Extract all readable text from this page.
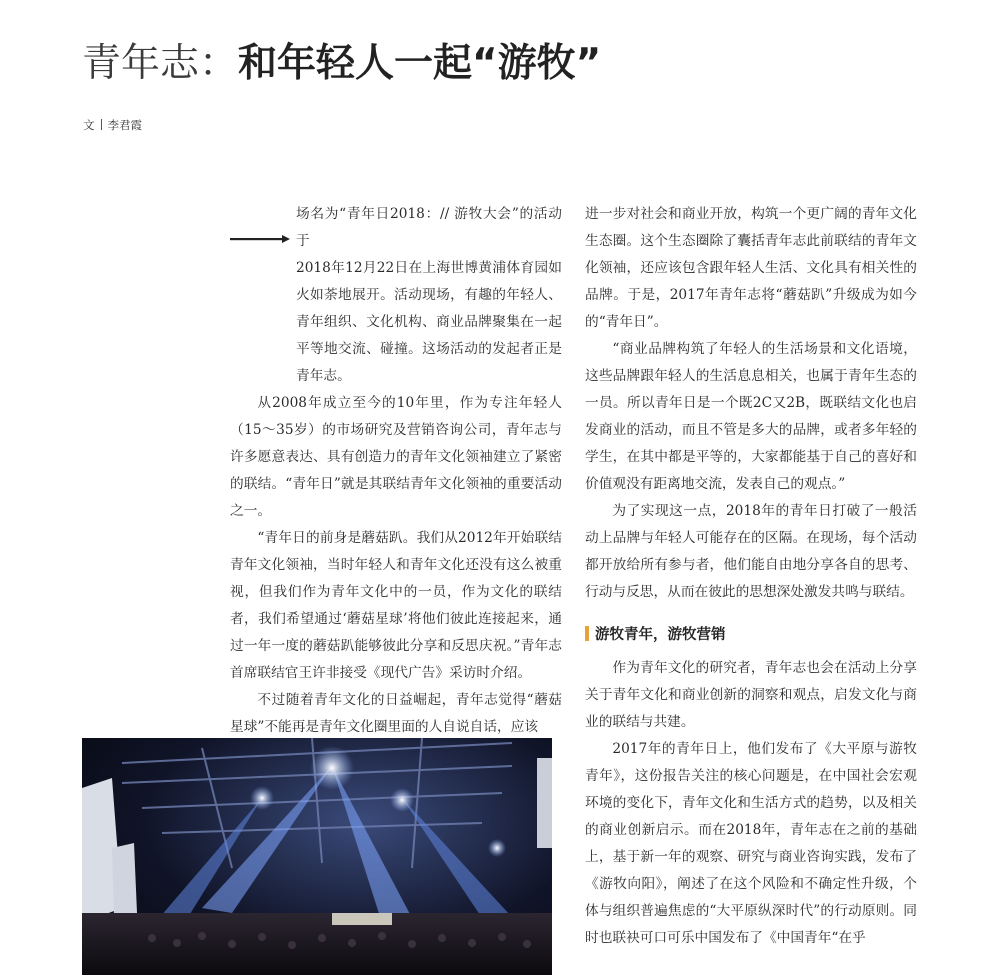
青年志：和年轻人一起“游牧”
文 李君霞

场名为“青年日2018：// 游牧大会”的活动于
2018年12月22日在上海世博黄浦体育园如火如荼地展开。活动现场，有趣的年轻人、青年组织、文化机构、商业品牌聚集在一起平等地交流、碰撞。这场活动的发起者正是青年志。

从2008年成立至今的10年里，作为专注年轻人（15～35岁）的市场研究及营销咨询公司，青年志与许多愿意表达、具有创造力的青年文化领袖建立了紧密的联结。“青年日”就是其联结青年文化领袖的重要活动之一。

“青年日的前身是蘑菇趴。我们从2012年开始联结青年文化领袖，当时年轻人和青年文化还没有这么被重视，但我们作为青年文化中的一员，作为文化的联结者，我们希望通过‘蘑菇星球’将他们彼此连接起来，通过一年一度的蘑菇趴能够彼此分享和反思庆祝。”青年志首席联结官王许非接受《现代广告》采访时介绍。

不过随着青年文化的日益崛起，青年志觉得“蘑菇星球”不能再是青年文化圈里面的人自说自话，应该

进一步对社会和商业开放，构筑一个更广阔的青年文化生态圈。这个生态圈除了囊括青年志此前联结的青年文化领袖，还应该包含跟年轻人生活、文化具有相关性的品牌。于是，2017年青年志将“蘑菇趴”升级成为如今的“青年日”。

“商业品牌构筑了年轻人的生活场景和文化语境，这些品牌跟年轻人的生活息息相关，也属于青年生态的一员。所以青年日是一个既2C又2B，既联结文化也启发商业的活动，而且不管是多大的品牌，或者多年轻的学生，在其中都是平等的，大家都能基于自己的喜好和价值观没有距离地交流，发表自己的观点。”

为了实现这一点，2018年的青年日打破了一般活动上品牌与年轻人可能存在的区隔。在现场，每个活动都开放给所有参与者，他们能自由地分享各自的思考、行动与反思，从而在彼此的思想深处激发共鸣与联结。

游牧青年，游牧营销

作为青年文化的研究者，青年志也会在活动上分享关于青年文化和商业创新的洞察和观点，启发文化与商业的联结与共建。

2017年的青年日上，他们发布了《大平原与游牧青年》，这份报告关注的核心问题是，在中国社会宏观环境的变化下，青年文化和生活方式的趋势，以及相关的商业创新启示。而在2018年，青年志在之前的基础上，基于新一年的观察、研究与商业咨询实践，发布了《游牧向阳》，阐述了在这个风险和不确定性升级，个体与组织普遍焦虑的“大平原纵深时代”的行动原则。同时也联袂可口可乐中国发布了《中国青年“在乎
